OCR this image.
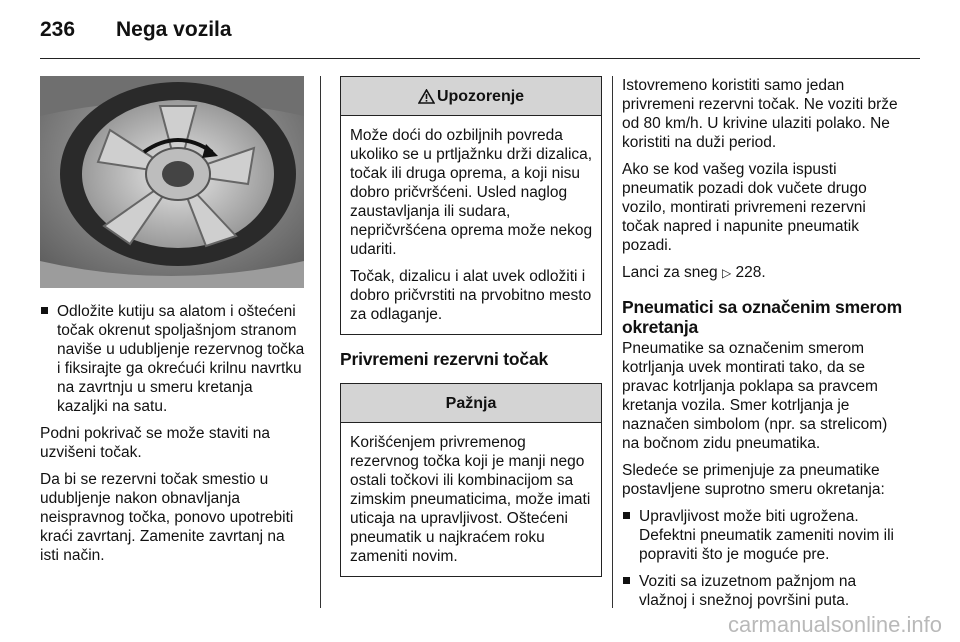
236 Nega vozila
Odložite kutiju sa alatom i oštećeni točak okrenut spoljašnjom stranom naviše u udubljenje rezervnog točka i fiksirajte ga okrećući krilnu navrtku na zavrtnju u smeru kretanja kazaljki na satu.

Podni pokrivač se može staviti na uzvišeni točak.

Da bi se rezervni točak smestio u udubljenje nakon obnavljanja neispravnog točka, ponovo upotrebiti kraći zavrtanj. Zamenite zavrtanj na isti način.

Upozorenje

Može doći do ozbiljnih povreda ukoliko se u prtljažnku drži dizalica, točak ili druga oprema, a koji nisu dobro pričvršćeni. Usled naglog zaustavljanja ili sudara, nepričvršćena oprema može nekog udariti.

Točak, dizalicu i alat uvek odložiti i dobro pričvrstiti na prvobitno mesto za odlaganje.

Privremeni rezervni točak
Pažnja

Korišćenjem privremenog rezervnog točka koji je manji nego ostali točkovi ili kombinacijom sa zimskim pneumaticima, može imati uticaja na upravljivost. Oštećeni pneumatik u najkraćem roku zameniti novim.

Istovremeno koristiti samo jedan privremeni rezervni točak. Ne voziti brže od 80 km/h. U krivine ulaziti polako. Ne koristiti na duži period.

Ako se kod vašeg vozila ispusti pneumatik pozadi dok vučete drugo vozilo, montirati privremeni rezervni točak napred i napunite pneumatik pozadi.

Lanci za sneg ▷ 228.

Pneumatici sa označenim smerom okretanja

Pneumatike sa označenim smerom kotrljanja uvek montirati tako, da se pravac kotrljanja poklapa sa pravcem kretanja vozila. Smer kotrljanja je naznačen simbolom (npr. sa strelicom) na bočnom zidu pneumatika.

Sledeće se primenjuje za pneumatike postavljene suprotno smeru okretanja:

Upravljivost može biti ugrožena. Defektni pneumatik zameniti novim ili popraviti što je moguće pre.
Voziti sa izuzetnom pažnjom na vlažnoj i snežnoj površini puta.
carmanualsonline.info
